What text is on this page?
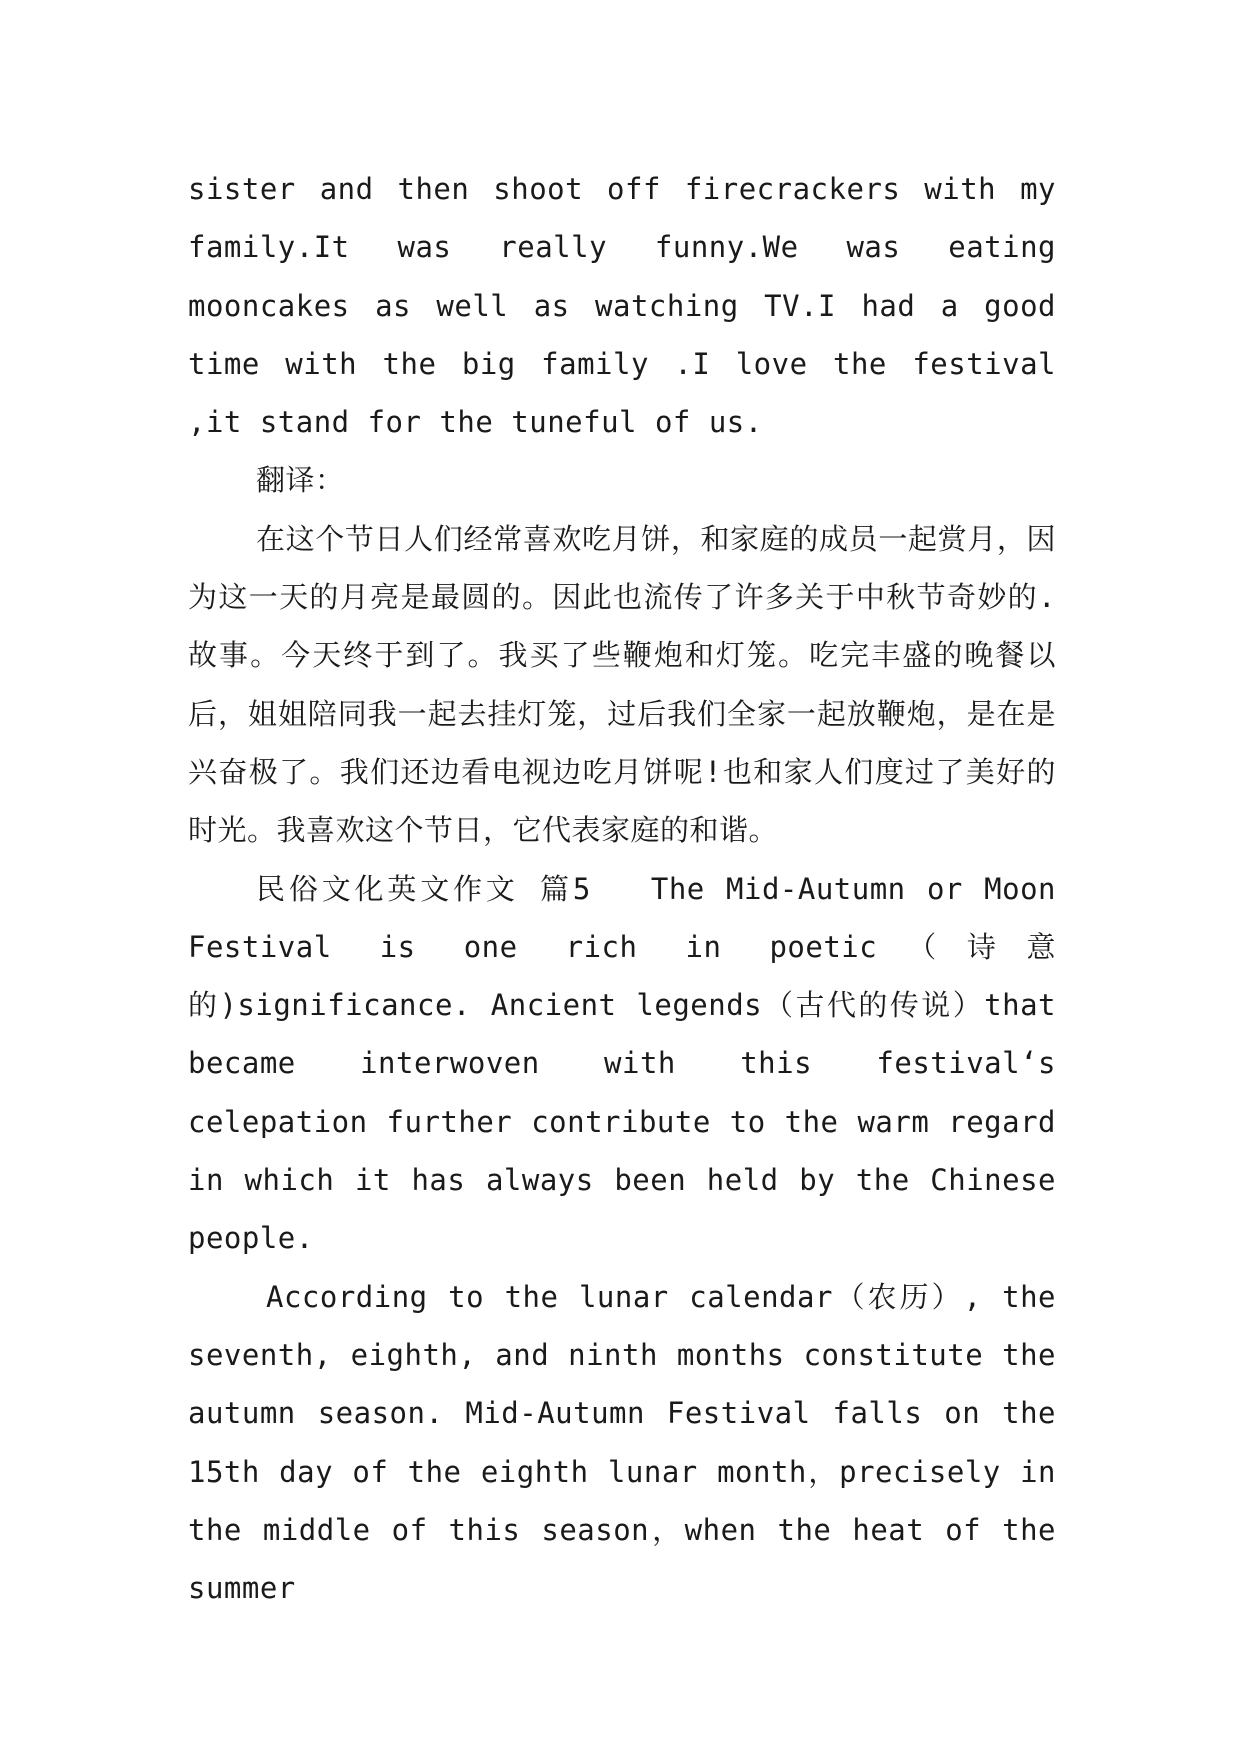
sister and then shoot off firecrackers with my family.It was really funny.We was eating mooncakes as well as watching TV.I had a good time with the big family .I love the festival ,it stand for the tuneful of us.

翻译：

在这个节日人们经常喜欢吃月饼，和家庭的成员一起赏月，因为这一天的月亮是最圆的。因此也流传了许多关于中秋节奇妙的.故事。今天终于到了。我买了些鞭炮和灯笼。吃完丰盛的晚餐以后，姐姐陪同我一起去挂灯笼，过后我们全家一起放鞭炮，是在是兴奋极了。我们还边看电视边吃月饼呢!也和家人们度过了美好的时光。我喜欢这个节日，它代表家庭的和谐。

民俗文化英文作文 篇5 The Mid-Autumn or Moon Festival is one rich in poetic（诗意的)significance. Ancient legends（古代的传说）that became interwoven with this festival‘s celepation further contribute to the warm regard in which it has always been held by the Chinese people.

According to the lunar calendar（农历）, the seventh, eighth, and ninth months constitute the autumn season. Mid-Autumn Festival falls on the 15th day of the eighth lunar month，precisely in the middle of this season，when the heat of the summer
